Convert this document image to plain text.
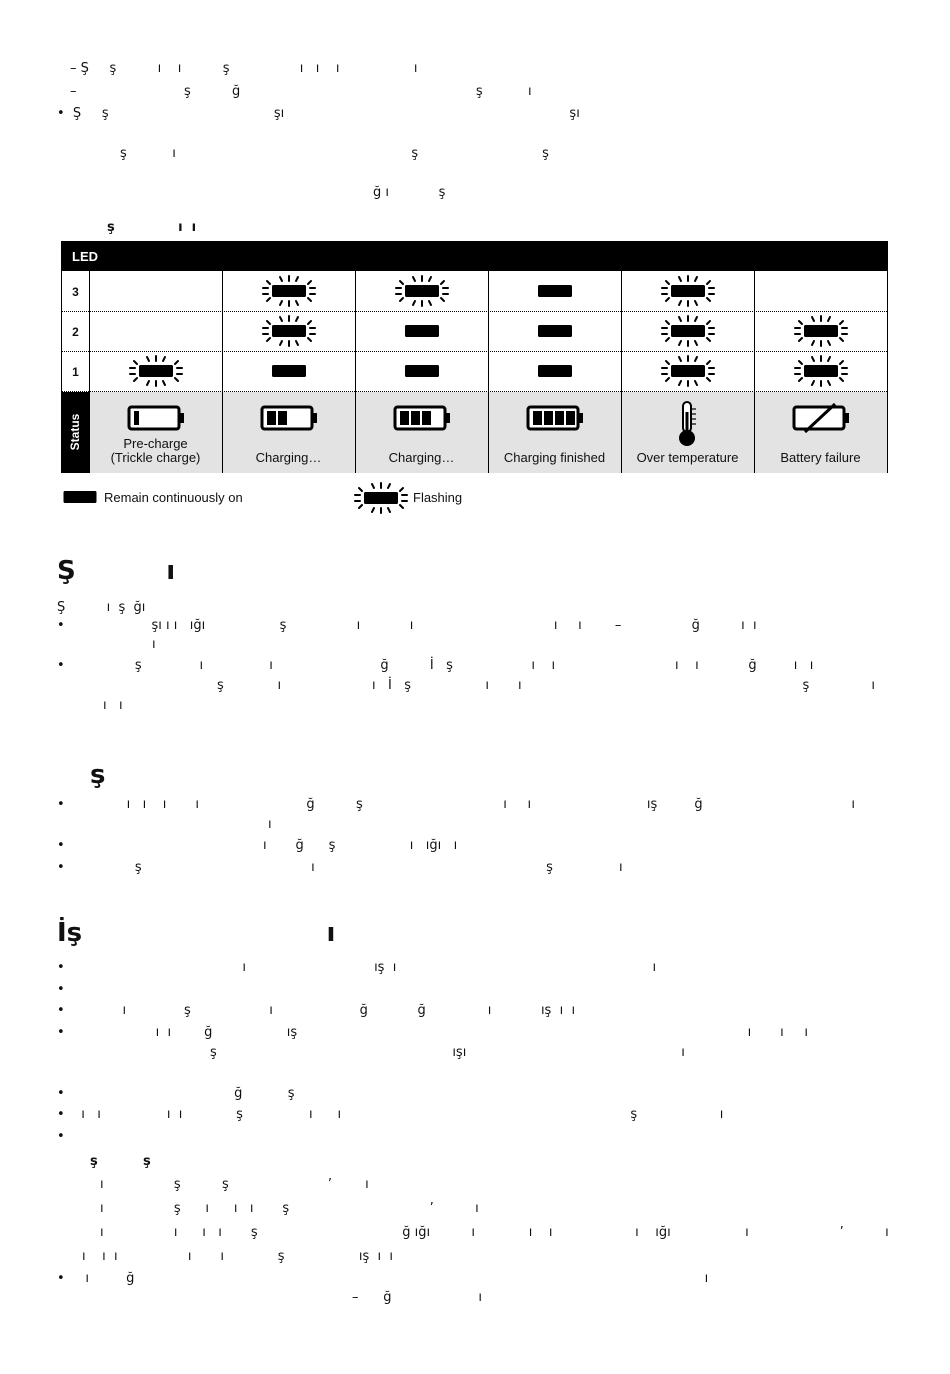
– Ş     ş          ı    ı          ş                 ı   ı    ı                  ı
–                          ş          ğ                                                         ş           ı
•  Ş     ş                                        şı                                                                     şı
ş           ı                                                         ş                              ş
ğ ı            ş
ş              ı  ı
LED
3
2
1
Status	Pre-charge
(Trickle charge)	Charging…	Charging…	Charging finished	Over temperature	Battery failure
Remain continuously on	Flashing
Ş          ı
Ş          ı  ş  ğı
•                     şı ı ı   ığı                  ş                 ı            ı                                  ı     ı        –                 ğ          ı  ı
ı
•                 ş              ı                ı                          ğ          İ   ş                   ı    ı                             ı    ı            ğ         ı   ı
ş             ı                      ı   İ   ş                  ı       ı                                                                    ş               ı
ı   ı
ş
•               ı   ı    ı       ı                          ğ          ş                                  ı     ı                            ış         ğ                                    ı
ı
•                                                ı       ğ      ş                  ı   ığı   ı
•                 ş                                         ı                                                        ş                ı
İş                           ı
•                                           ı                               ış  ı                                                              ı
•
•              ı              ş                   ı                     ğ            ğ               ı            ış  ı  ı
•                      ı  ı        ğ                  ış                                                                                                             ı       ı     ı
ş                                                         ışı                                                    ı
•                                         ğ           ş
•    ı   ı                ı  ı             ş                ı      ı                                                                      ş                    ı
•
ş          ş
ı                 ş          ş                        ’        ı
ı                 ş      ı      ı   ı       ş                                  ’          ı
ı                 ı      ı   ı       ş                                   ğ ığı          ı             ı    ı                    ı    ığı                  ı                      ’          ı
ı    ı  ı                 ı       ı             ş                  ış  ı  ı
•     ı         ğ                                                                                                                                          ı
–      ğ                     ı
